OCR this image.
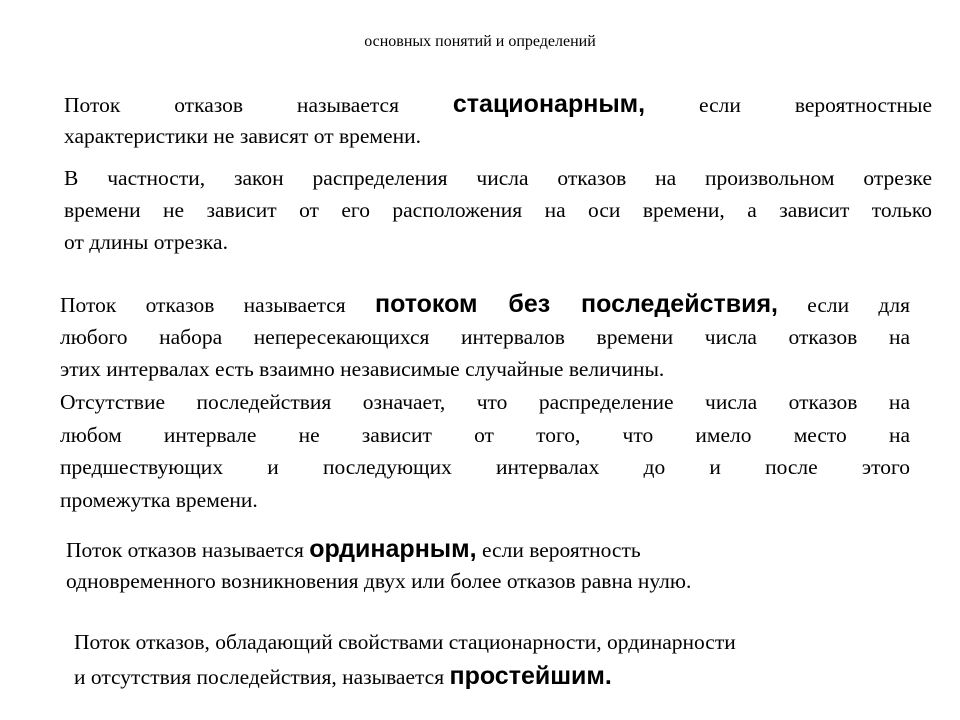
основных понятий и определений
Поток отказов называется стационарным, если вероятностные
характеристики не зависят от времени.
В частности, закон распределения числа отказов на произвольном отрезке
времени не зависит от его расположения на оси времени, а зависит только
от длины отрезка.
Поток отказов называется потоком без последействия, если для
любого набора непересекающихся интервалов времени числа отказов на
этих интервалах есть взаимно независимые случайные величины.
Отсутствие последействия означает, что распределение числа отказов на
любом интервале не зависит от того, что имело место на
предшествующих и последующих интервалах до и после этого
промежутка времени.
Поток отказов называется ординарным, если вероятность
одновременного возникновения двух или более отказов равна нулю.
Поток отказов, обладающий свойствами стационарности, ординарности
и отсутствия последействия, называется простейшим.
